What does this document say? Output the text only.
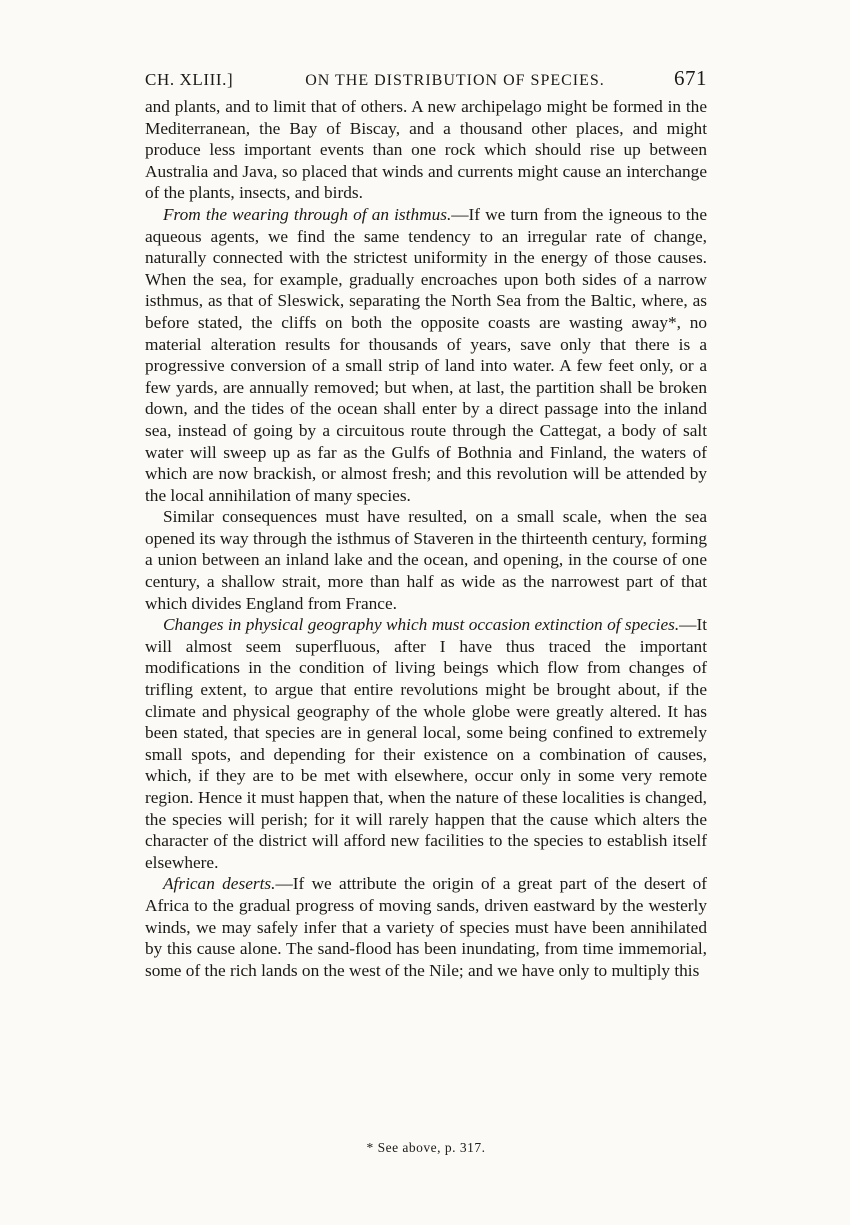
CH. XLIII.]	ON THE DISTRIBUTION OF SPECIES.	671

and plants, and to limit that of others. A new archipelago might be formed in the Mediterranean, the Bay of Biscay, and a thousand other places, and might produce less important events than one rock which should rise up between Australia and Java, so placed that winds and currents might cause an interchange of the plants, insects, and birds.

From the wearing through of an isthmus.—If we turn from the igneous to the aqueous agents, we find the same tendency to an irregular rate of change, naturally connected with the strictest uniformity in the energy of those causes. When the sea, for example, gradually encroaches upon both sides of a narrow isthmus, as that of Sleswick, separating the North Sea from the Baltic, where, as before stated, the cliffs on both the opposite coasts are wasting away*, no material alteration results for thousands of years, save only that there is a progressive conversion of a small strip of land into water. A few feet only, or a few yards, are annually removed; but when, at last, the partition shall be broken down, and the tides of the ocean shall enter by a direct passage into the inland sea, instead of going by a circuitous route through the Cattegat, a body of salt water will sweep up as far as the Gulfs of Bothnia and Finland, the waters of which are now brackish, or almost fresh; and this revolution will be attended by the local annihilation of many species.

Similar consequences must have resulted, on a small scale, when the sea opened its way through the isthmus of Staveren in the thirteenth century, forming a union between an inland lake and the ocean, and opening, in the course of one century, a shallow strait, more than half as wide as the narrowest part of that which divides England from France.

Changes in physical geography which must occasion extinction of species.—It will almost seem superfluous, after I have thus traced the important modifications in the condition of living beings which flow from changes of trifling extent, to argue that entire revolutions might be brought about, if the climate and physical geography of the whole globe were greatly altered. It has been stated, that species are in general local, some being confined to extremely small spots, and depending for their existence on a combination of causes, which, if they are to be met with elsewhere, occur only in some very remote region. Hence it must happen that, when the nature of these localities is changed, the species will perish; for it will rarely happen that the cause which alters the character of the district will afford new facilities to the species to establish itself elsewhere.

African deserts.—If we attribute the origin of a great part of the desert of Africa to the gradual progress of moving sands, driven eastward by the westerly winds, we may safely infer that a variety of species must have been annihilated by this cause alone. The sand-flood has been inundating, from time immemorial, some of the rich lands on the west of the Nile; and we have only to multiply this

* See above, p. 317.
